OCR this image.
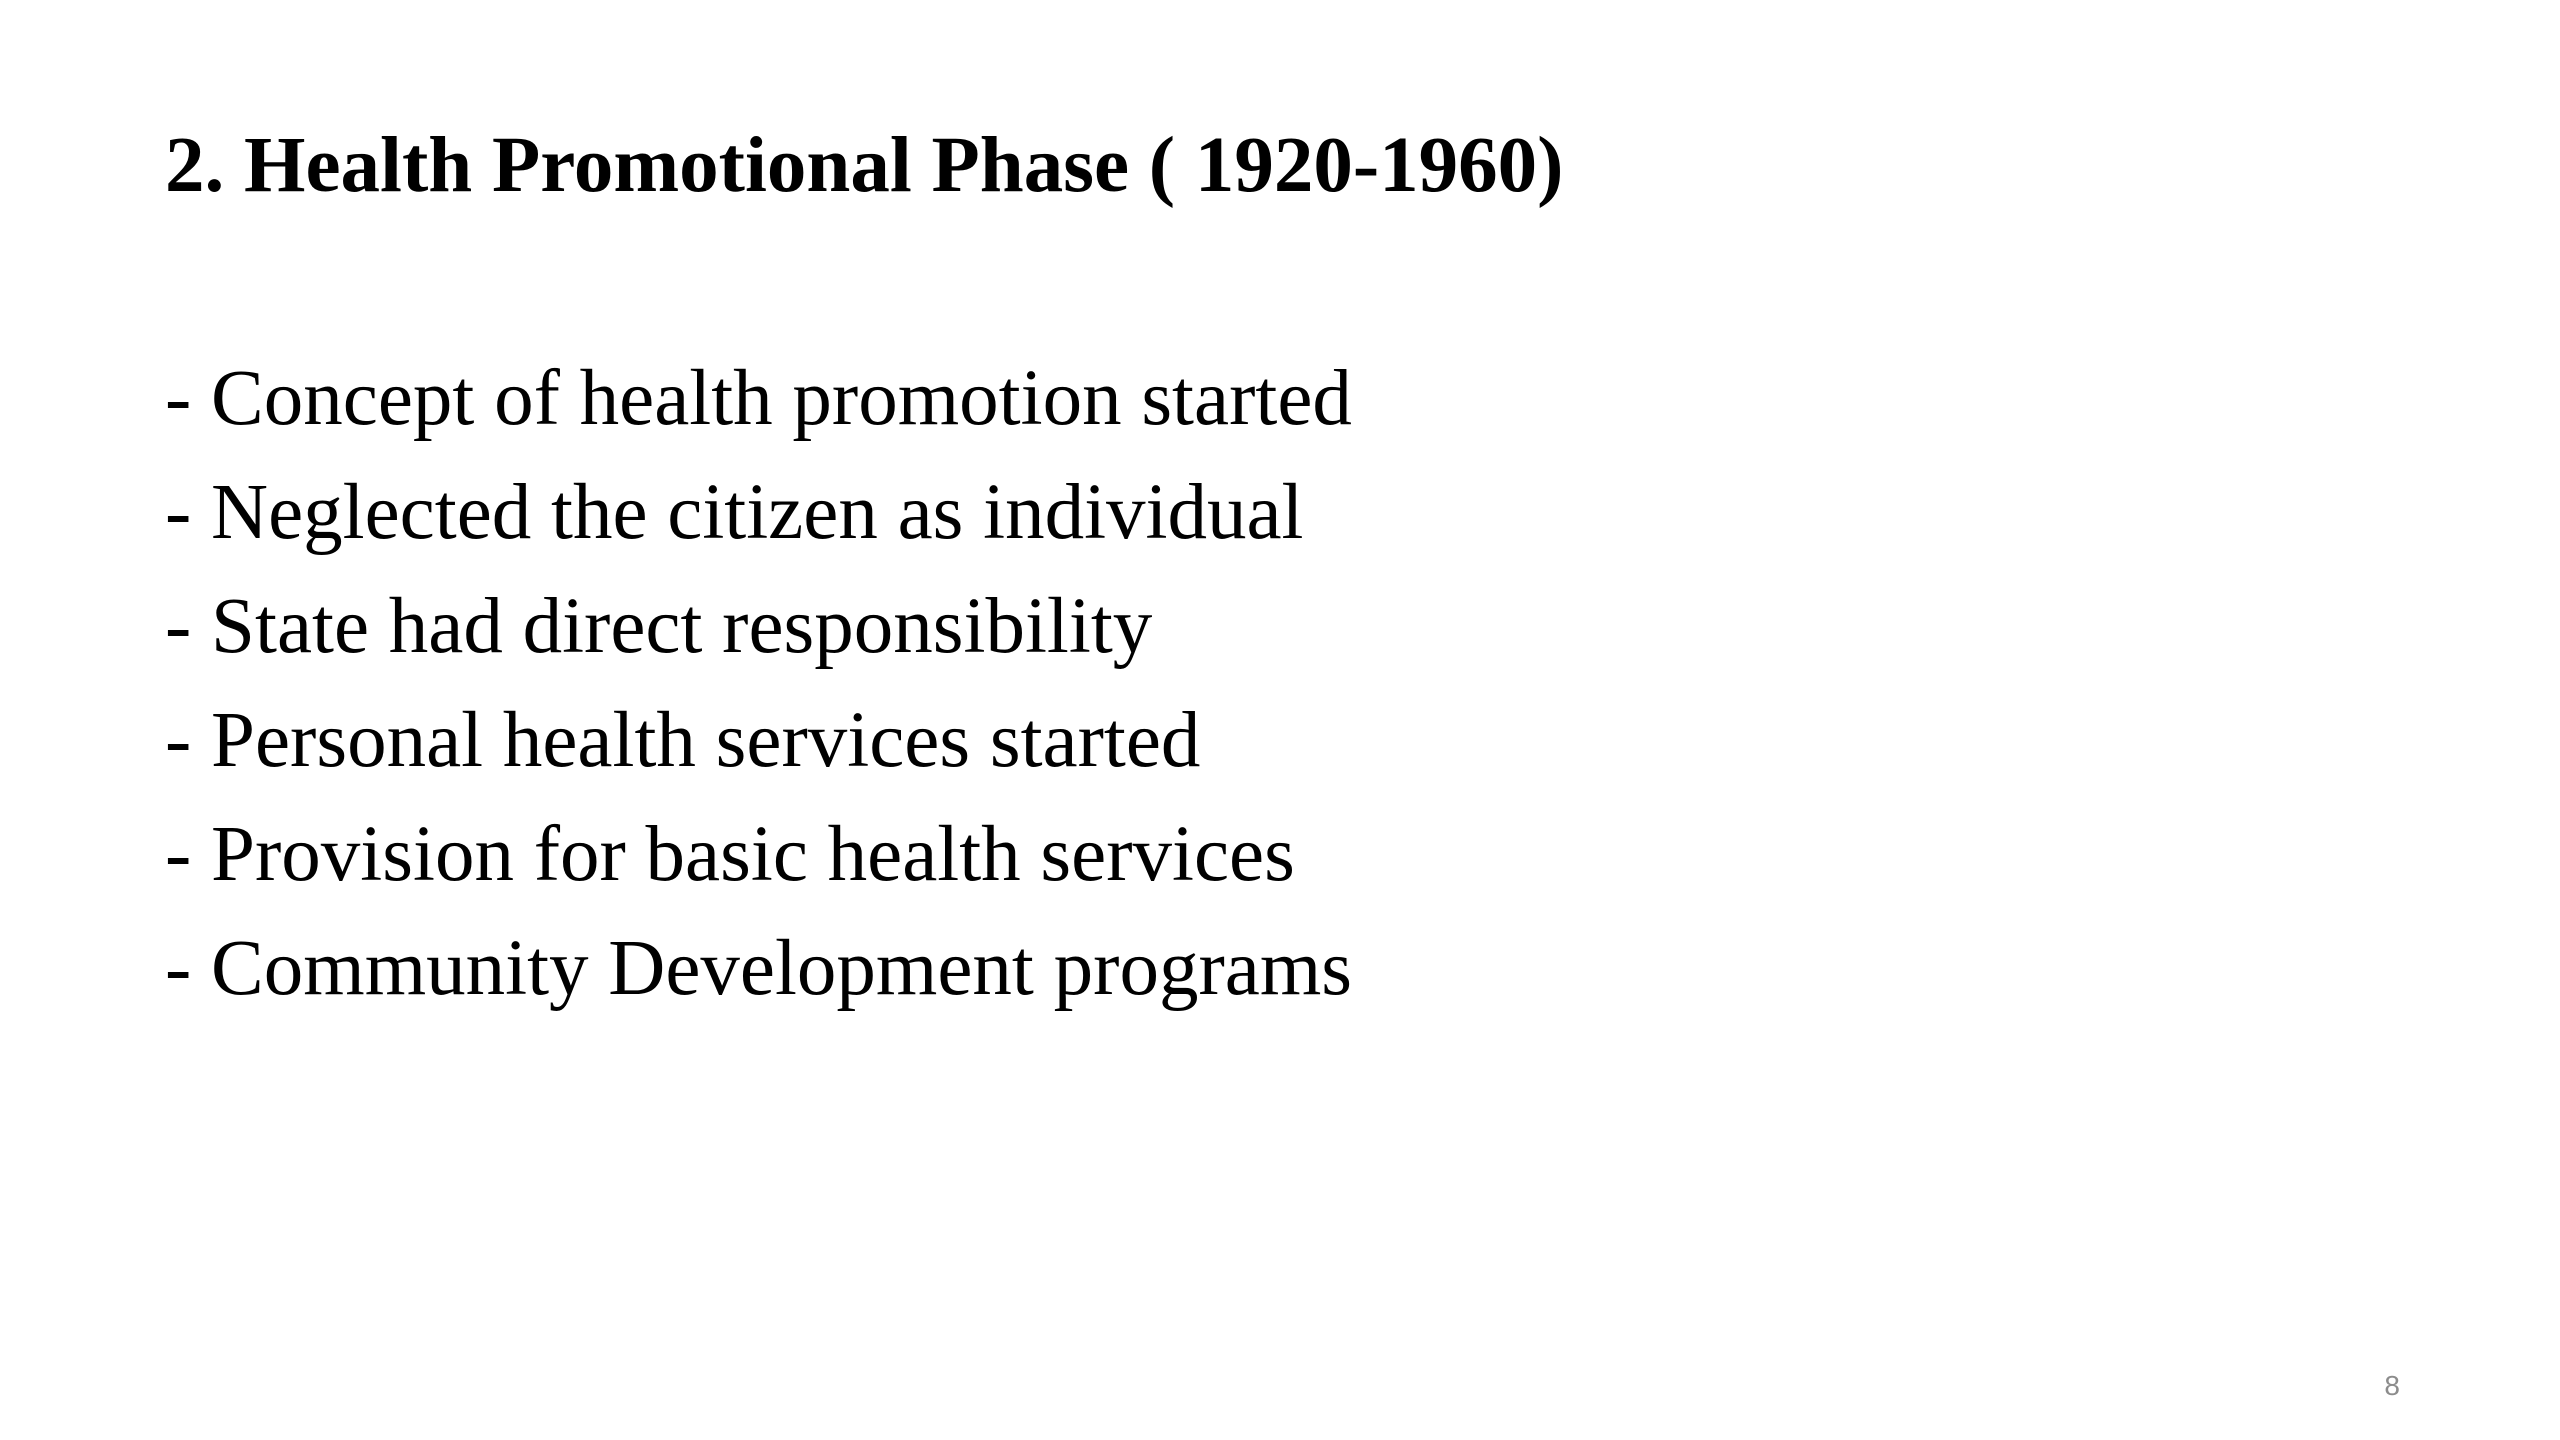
2. Health Promotional Phase ( 1920-1960)
- Concept of health promotion started
- Neglected the citizen as individual
- State had direct responsibility
- Personal health services started
- Provision for basic health services
- Community Development programs
8
